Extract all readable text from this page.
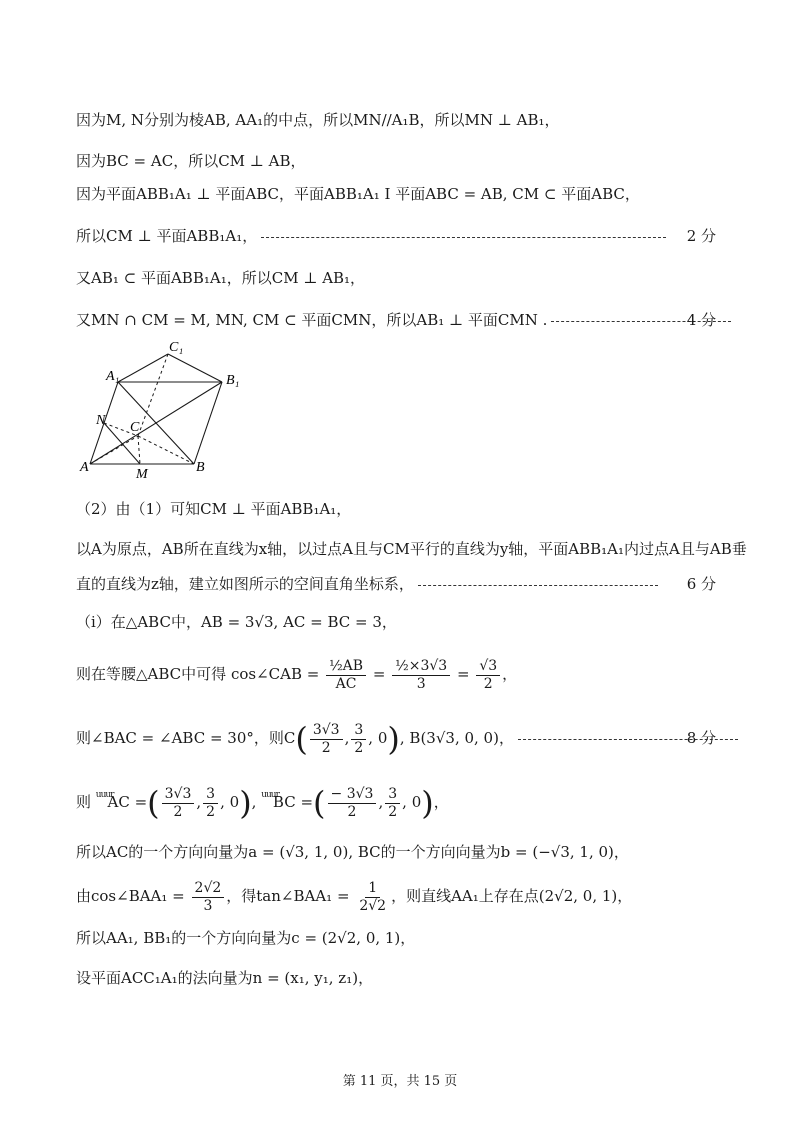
因为M, N分别为棱AB, AA₁的中点，所以MN//A₁B，所以MN ⊥ AB₁，
因为BC = AC，所以CM ⊥ AB，
因为平面ABB₁A₁ ⊥ 平面ABC，平面ABB₁A₁ I 平面ABC = AB, CM ⊂ 平面ABC，
所以CM ⊥ 平面ABB₁A₁，	2 分
又AB₁ ⊂ 平面ABB₁A₁，所以CM ⊥ AB₁，
又MN ∩ CM = M, MN, CM ⊂ 平面CMN，所以AB₁ ⊥ 平面CMN .	4 分
C₁
A₁	B₁
N C
A	M	B
（2）由（1）可知CM ⊥ 平面ABB₁A₁，
以A为原点，AB所在直线为x轴，以过点A且与CM平行的直线为y轴，平面ABB₁A₁内过点A且与AB垂
直的直线为z轴，建立如图所示的空间直角坐标系，	6 分
（i）在△ABC中，AB = 3√3, AC = BC = 3，
则在等腰△ABC中可得 cos∠CAB = $\frac{\text{½AB}}{AC} = \frac{\text{½×3√3}}{3} = \frac{√3}{2}$ ，
则∠BAC = ∠ABC = 30°，则$C( \frac{3√3}{2}$ , $\frac{3}{2}$ , 0), B(3√3, 0, 0)，	8 分
则 $^{uuur}$AC =( $\frac{3√3}{2}$ , $\frac{3}{2}$ , 0), $^{uuur}$BC =( $\frac{- 3√3}{2}$ , $\frac{3}{2}$ , 0)，
所以AC的一个方向向量为a = (√3, 1, 0), BC的一个方向向量为b = (−√3, 1, 0)，
由cos∠BAA₁ = $\frac{2√2}{3}$ ，得tan∠BAA₁ = $\frac{1}{2√2}$ ，则直线AA₁上存在点(2√2, 0, 1)，
所以AA₁, BB₁的一个方向向量为c = (2√2, 0, 1)，
设平面ACC₁A₁的法向量为n = (x₁, y₁, z₁)，
第 11 页，共 15 页
